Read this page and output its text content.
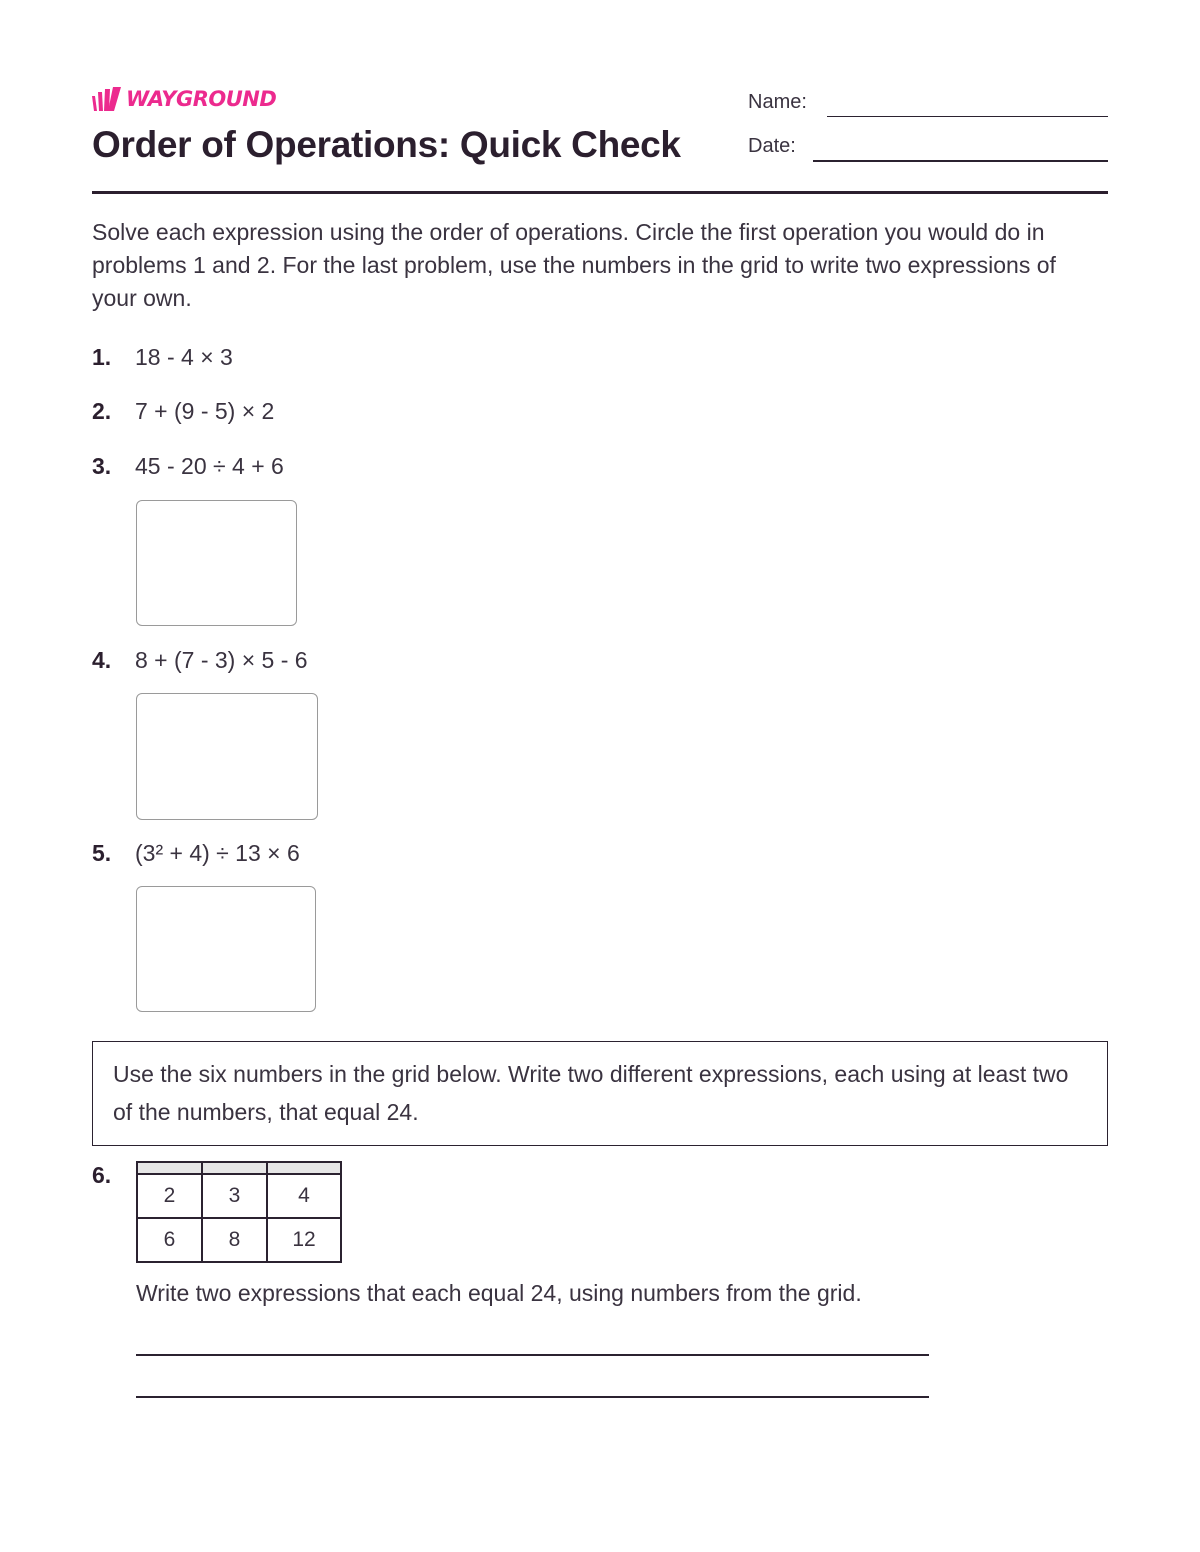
WAYGROUND
Order of Operations: Quick Check
Name:
Date:

Solve each expression using the order of operations. Circle the first operation you would do in problems 1 and 2. For the last problem, use the numbers in the grid to write two expressions of your own.

1.	18 - 4 × 3
2.	7 + (9 - 5) × 2
3.	45 - 20 ÷ 4 + 6
4.	8 + (7 - 3) × 5 - 6
5.	(3² + 4) ÷ 13 × 6

Use the six numbers in the grid below. Write two different expressions, each using at least two of the numbers, that equal 24.

6.

2	3	4
6	8	12

Write two expressions that each equal 24, using numbers from the grid.
